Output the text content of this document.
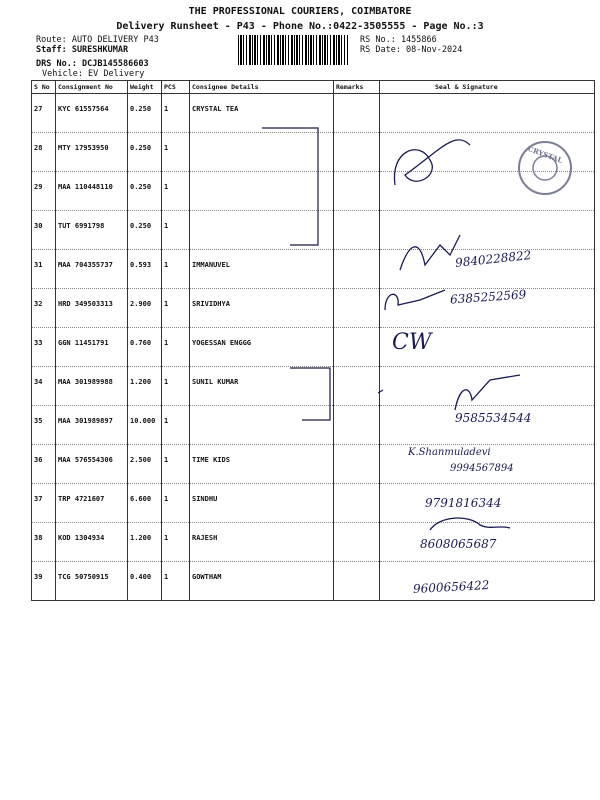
THE PROFESSIONAL COURIERS, COIMBATORE
Delivery Runsheet - P43 - Phone No.:0422-3505555 - Page No.:3
Route: AUTO DELIVERY P43
Staff: SURESHKUMAR
DRS No.: DCJB145586603
Vehicle: EV Delivery
RS No.: 1455866
RS Date: 08-Nov-2024
S No	Consignment No	Weight	PCS	Consignee Details	Remarks	Seal & Signature
27	KYC 61557564	0.250	1	CRYSTAL TEA		
28	MTY 17953950	0.250	1			
29	MAA 110448110	0.250	1			
30	TUT 6991798	0.250	1			
31	MAA 704355737	0.593	1	IMMANUVEL		
32	HRD 349503313	2.900	1	SRIVIDHYA		
33	GGN 11451791	0.760	1	YOGESSAN ENGGG		
34	MAA 301989988	1.200	1	SUNIL KUMAR		
35	MAA 301989897	10.000	1			
36	MAA 576554306	2.500	1	TIME KIDS		
37	TRP 4721607	6.600	1	SINDHU		
38	KOD 1304934	1.200	1	RAJESH		
39	TCG 50750915	0.400	1	GOWTHAM		
CRYSTAL
9840228822
6385252569
CW
9585534544
K.Shanmuladevi
9994567894
9791816344
8608065687
9600656422
